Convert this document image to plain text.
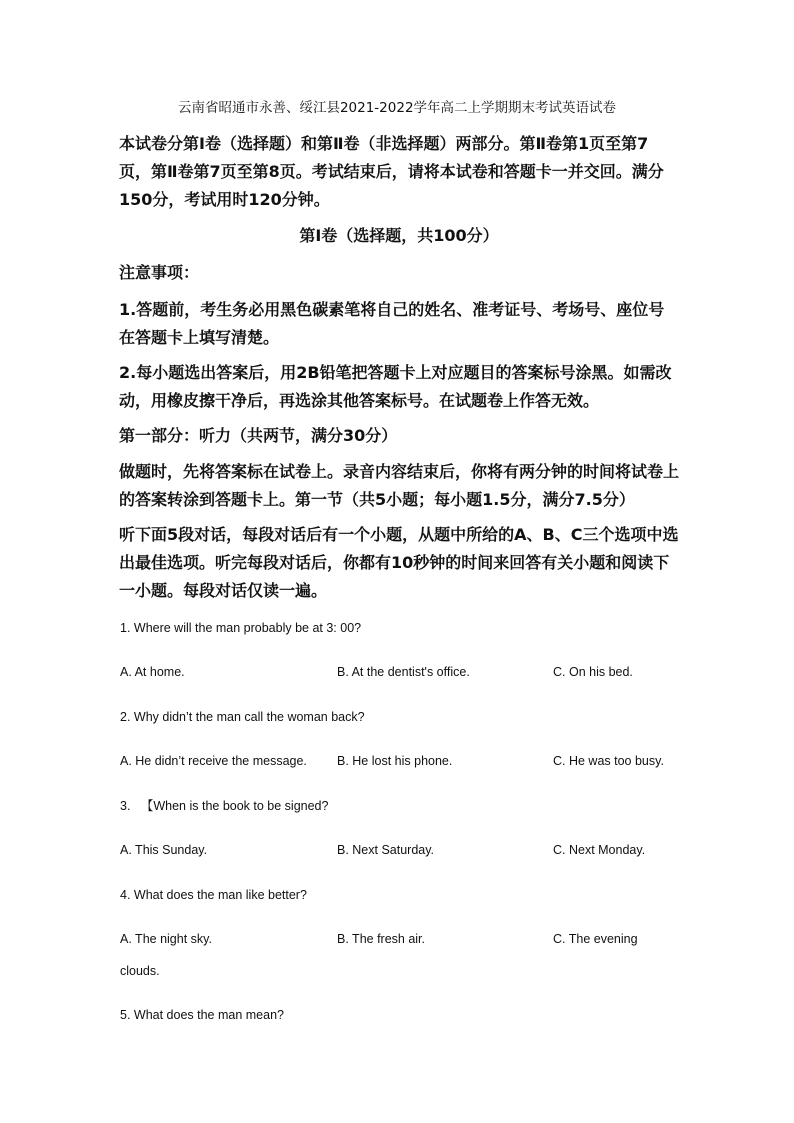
云南省昭通市永善、绥江县2021-2022学年高二上学期期末考试英语试卷

本试卷分第Ⅰ卷（选择题）和第Ⅱ卷（非选择题）两部分。第Ⅱ卷第1页至第7页，第Ⅱ卷第7页至第8页。考试结束后，请将本试卷和答题卡一并交回。满分150分，考试用时120分钟。

第Ⅰ卷（选择题，共100分）

注意事项：

1.答题前，考生务必用黑色碳素笔将自己的姓名、准考证号、考场号、座位号在答题卡上填写清楚。

2.每小题选出答案后，用2B铅笔把答题卡上对应题目的答案标号涂黑。如需改动，用橡皮擦干净后，再选涂其他答案标号。在试题卷上作答无效。

第一部分：听力（共两节，满分30分）

做题时，先将答案标在试卷上。录音内容结束后，你将有两分钟的时间将试卷上的答案转涂到答题卡上。第一节（共5小题；每小题1.5分，满分7.5分）

听下面5段对话，每段对话后有一个小题，从题中所给的A、B、C三个选项中选出最佳选项。听完每段对话后，你都有10秒钟的时间来回答有关小题和阅读下一小题。每段对话仅读一遍。

1. Where will the man probably be at 3: 00?
A. At home.	B. At the dentist's office.	C. On his bed.
2. Why didn’t the man call the woman back?
A. He didn’t receive the message. B. He lost his phone.	C. He was too busy.
3.   【When is the book to be signed?
A. This Sunday.	B. Next Saturday.	C. Next Monday.
4. What does the man like better?
A. The night sky.	B. The fresh air.	C. The evening
clouds.
5. What does the man mean?
